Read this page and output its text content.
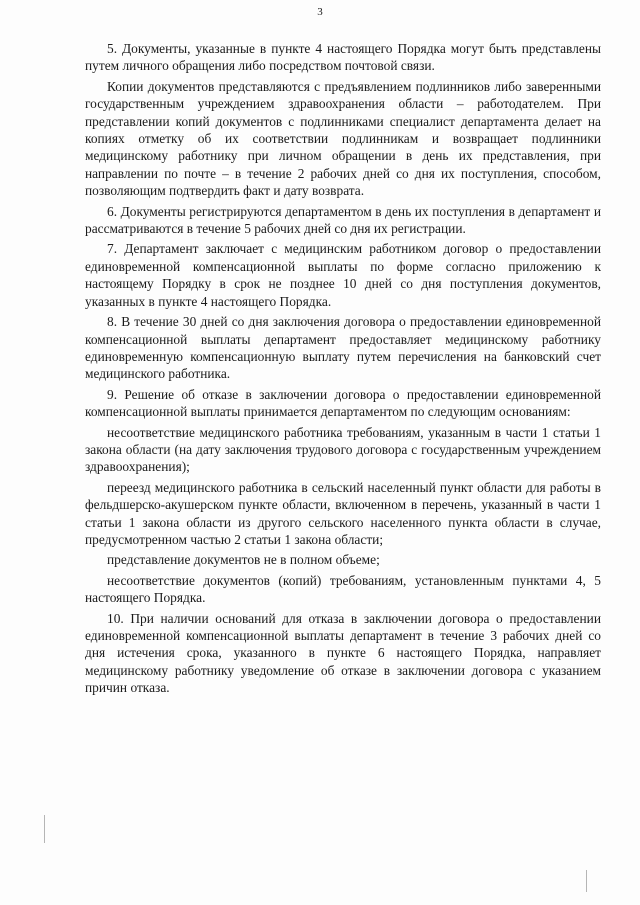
3

5. Документы, указанные в пункте 4 настоящего Порядка могут быть представлены путем личного обращения либо посредством почтовой связи.

Копии документов представляются с предъявлением подлинников либо заверенными государственным учреждением здравоохранения области – работодателем. При представлении копий документов с подлинниками специалист департамента делает на копиях отметку об их соответствии подлинникам и возвращает подлинники медицинскому работнику при личном обращении в день их представления, при направлении по почте – в течение 2 рабочих дней со дня их поступления, способом, позволяющим подтвердить факт и дату возврата.

6. Документы регистрируются департаментом в день их поступления в департамент и рассматриваются в течение 5 рабочих дней со дня их регистрации.

7. Департамент заключает с медицинским работником договор о предоставлении единовременной компенсационной выплаты по форме согласно приложению к настоящему Порядку в срок не позднее 10 дней со дня поступления документов, указанных в пункте 4 настоящего Порядка.

8. В течение 30 дней со дня заключения договора о предоставлении единовременной компенсационной выплаты департамент предоставляет медицинскому работнику единовременную компенсационную выплату путем перечисления на банковский счет медицинского работника.

9. Решение об отказе в заключении договора о предоставлении единовременной компенсационной выплаты принимается департаментом по следующим основаниям:

несоответствие медицинского работника требованиям, указанным в части 1 статьи 1 закона области (на дату заключения трудового договора с государственным учреждением здравоохранения);

переезд медицинского работника в сельский населенный пункт области для работы в фельдшерско-акушерском пункте области, включенном в перечень, указанный в части 1 статьи 1 закона области из другого сельского населенного пункта области в случае, предусмотренном частью 2 статьи 1 закона области;

представление документов не в полном объеме;

несоответствие документов (копий) требованиям, установленным пунктами 4, 5 настоящего Порядка.

10. При наличии оснований для отказа в заключении договора о предоставлении единовременной компенсационной выплаты департамент в течение 3 рабочих дней со дня истечения срока, указанного в пункте 6 настоящего Порядка, направляет медицинскому работнику уведомление об отказе в заключении договора с указанием причин отказа.
